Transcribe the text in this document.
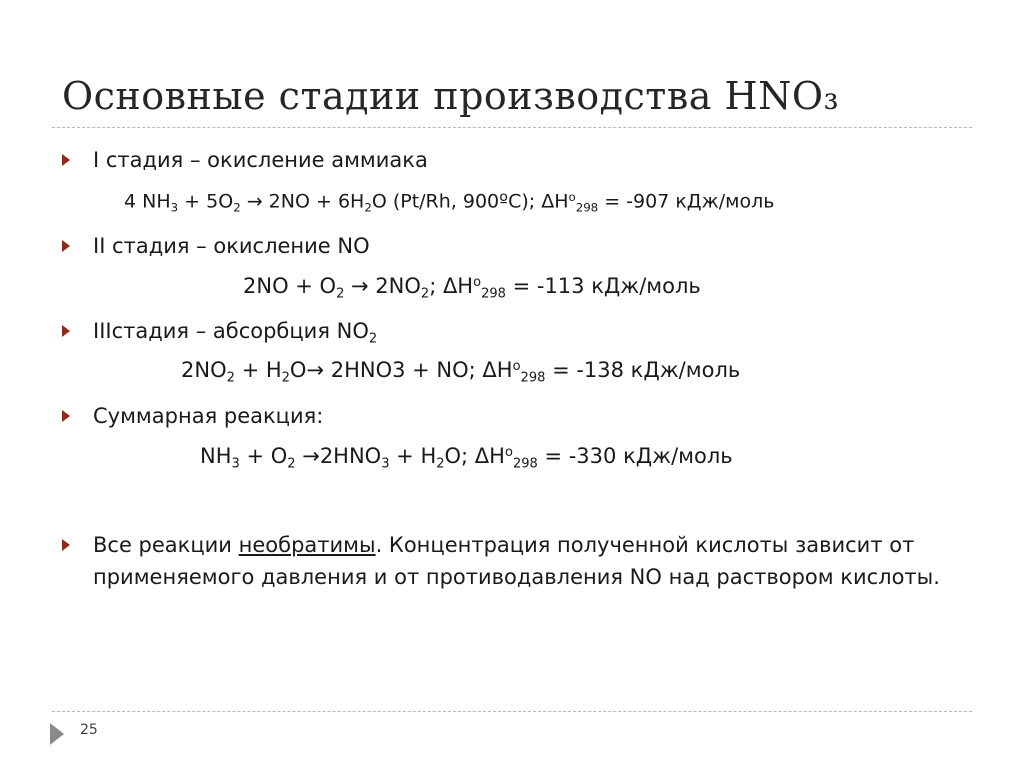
Основные стадии производства HNO₃
I стадия – окисление аммиака
4 $NH_3 + 5O_2 \to 2NO + 6H_2O$ (Pt/Rh, 900ºC); $\Delta H^o_{298} = -907$ кДж/моль
II стадия – окисление NO
$2NO + O_2 \to 2NO_2$; $\Delta H^o_{298} = -113$ кДж/моль
IIIстадия – абсорбция $NO_2$
$2NO_2 + H_2O\to 2HNO3$ + NO; $\Delta H^o_{298} = -138$ кДж/моль
Суммарная реакция:
$NH_3 + O_2 \to 2HNO_3 + H_2O$; $\Delta H^o_{298} = -330$ кДж/моль
Все реакции необратимы. Концентрация полученной кислоты зависит от применяемого давления и от противодавления NO над раствором кислоты.
25
